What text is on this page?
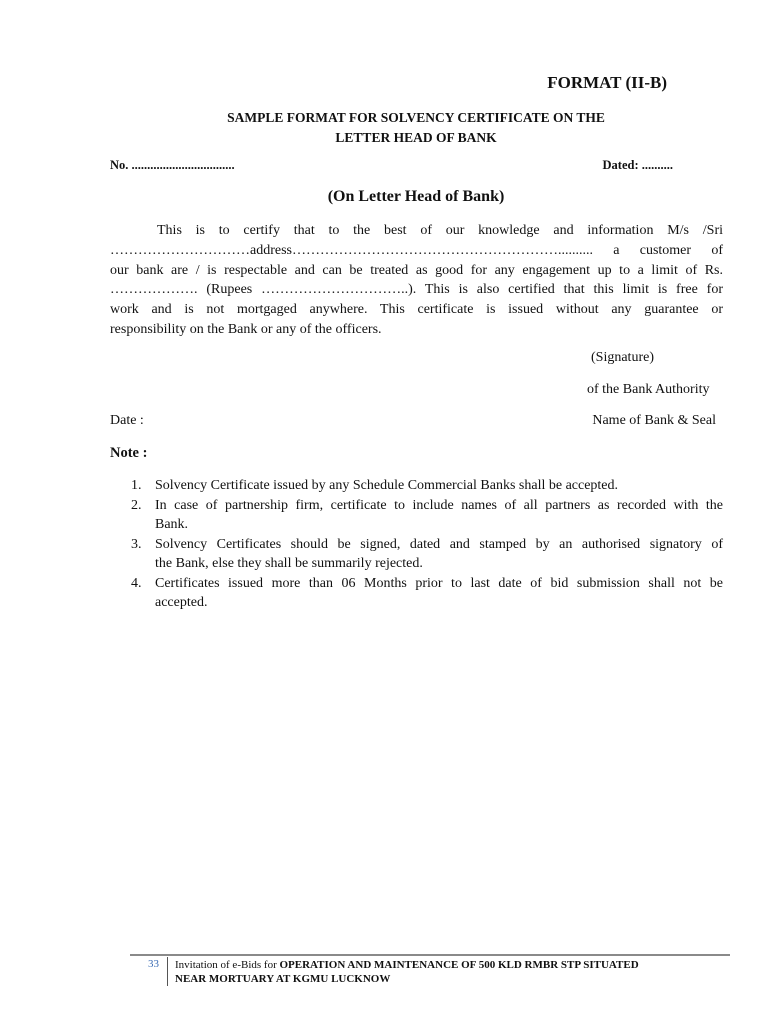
FORMAT (II-B)
SAMPLE FORMAT FOR SOLVENCY CERTIFICATE ON THE
LETTER HEAD OF BANK
No. .................................	Dated: ..........
(On Letter Head of Bank)
This is to certify that to the best of our knowledge and information M/s /Sri
…………………………address………………………………………………….......... a customer of
our bank are / is respectable and can be treated as good for any engagement up to a limit of Rs.
………………. (Rupees …………………………..). This is also certified that this limit is free for
work and is not mortgaged anywhere. This certificate is issued without any guarantee or
responsibility on the Bank or any of the officers.
(Signature)
of the Bank Authority
Date :	Name of Bank & Seal
Note :
1. Solvency Certificate issued by any Schedule Commercial Banks shall be accepted.
2. In case of partnership firm, certificate to include names of all partners as recorded with the
Bank.
3. Solvency Certificates should be signed, dated and stamped by an authorised signatory of
the Bank, else they shall be summarily rejected.
4. Certificates issued more than 06 Months prior to last date of bid submission shall not be
accepted.
33 Invitation of e-Bids for OPERATION AND MAINTENANCE OF 500 KLD RMBR STP SITUATED
NEAR MORTUARY AT KGMU LUCKNOW
